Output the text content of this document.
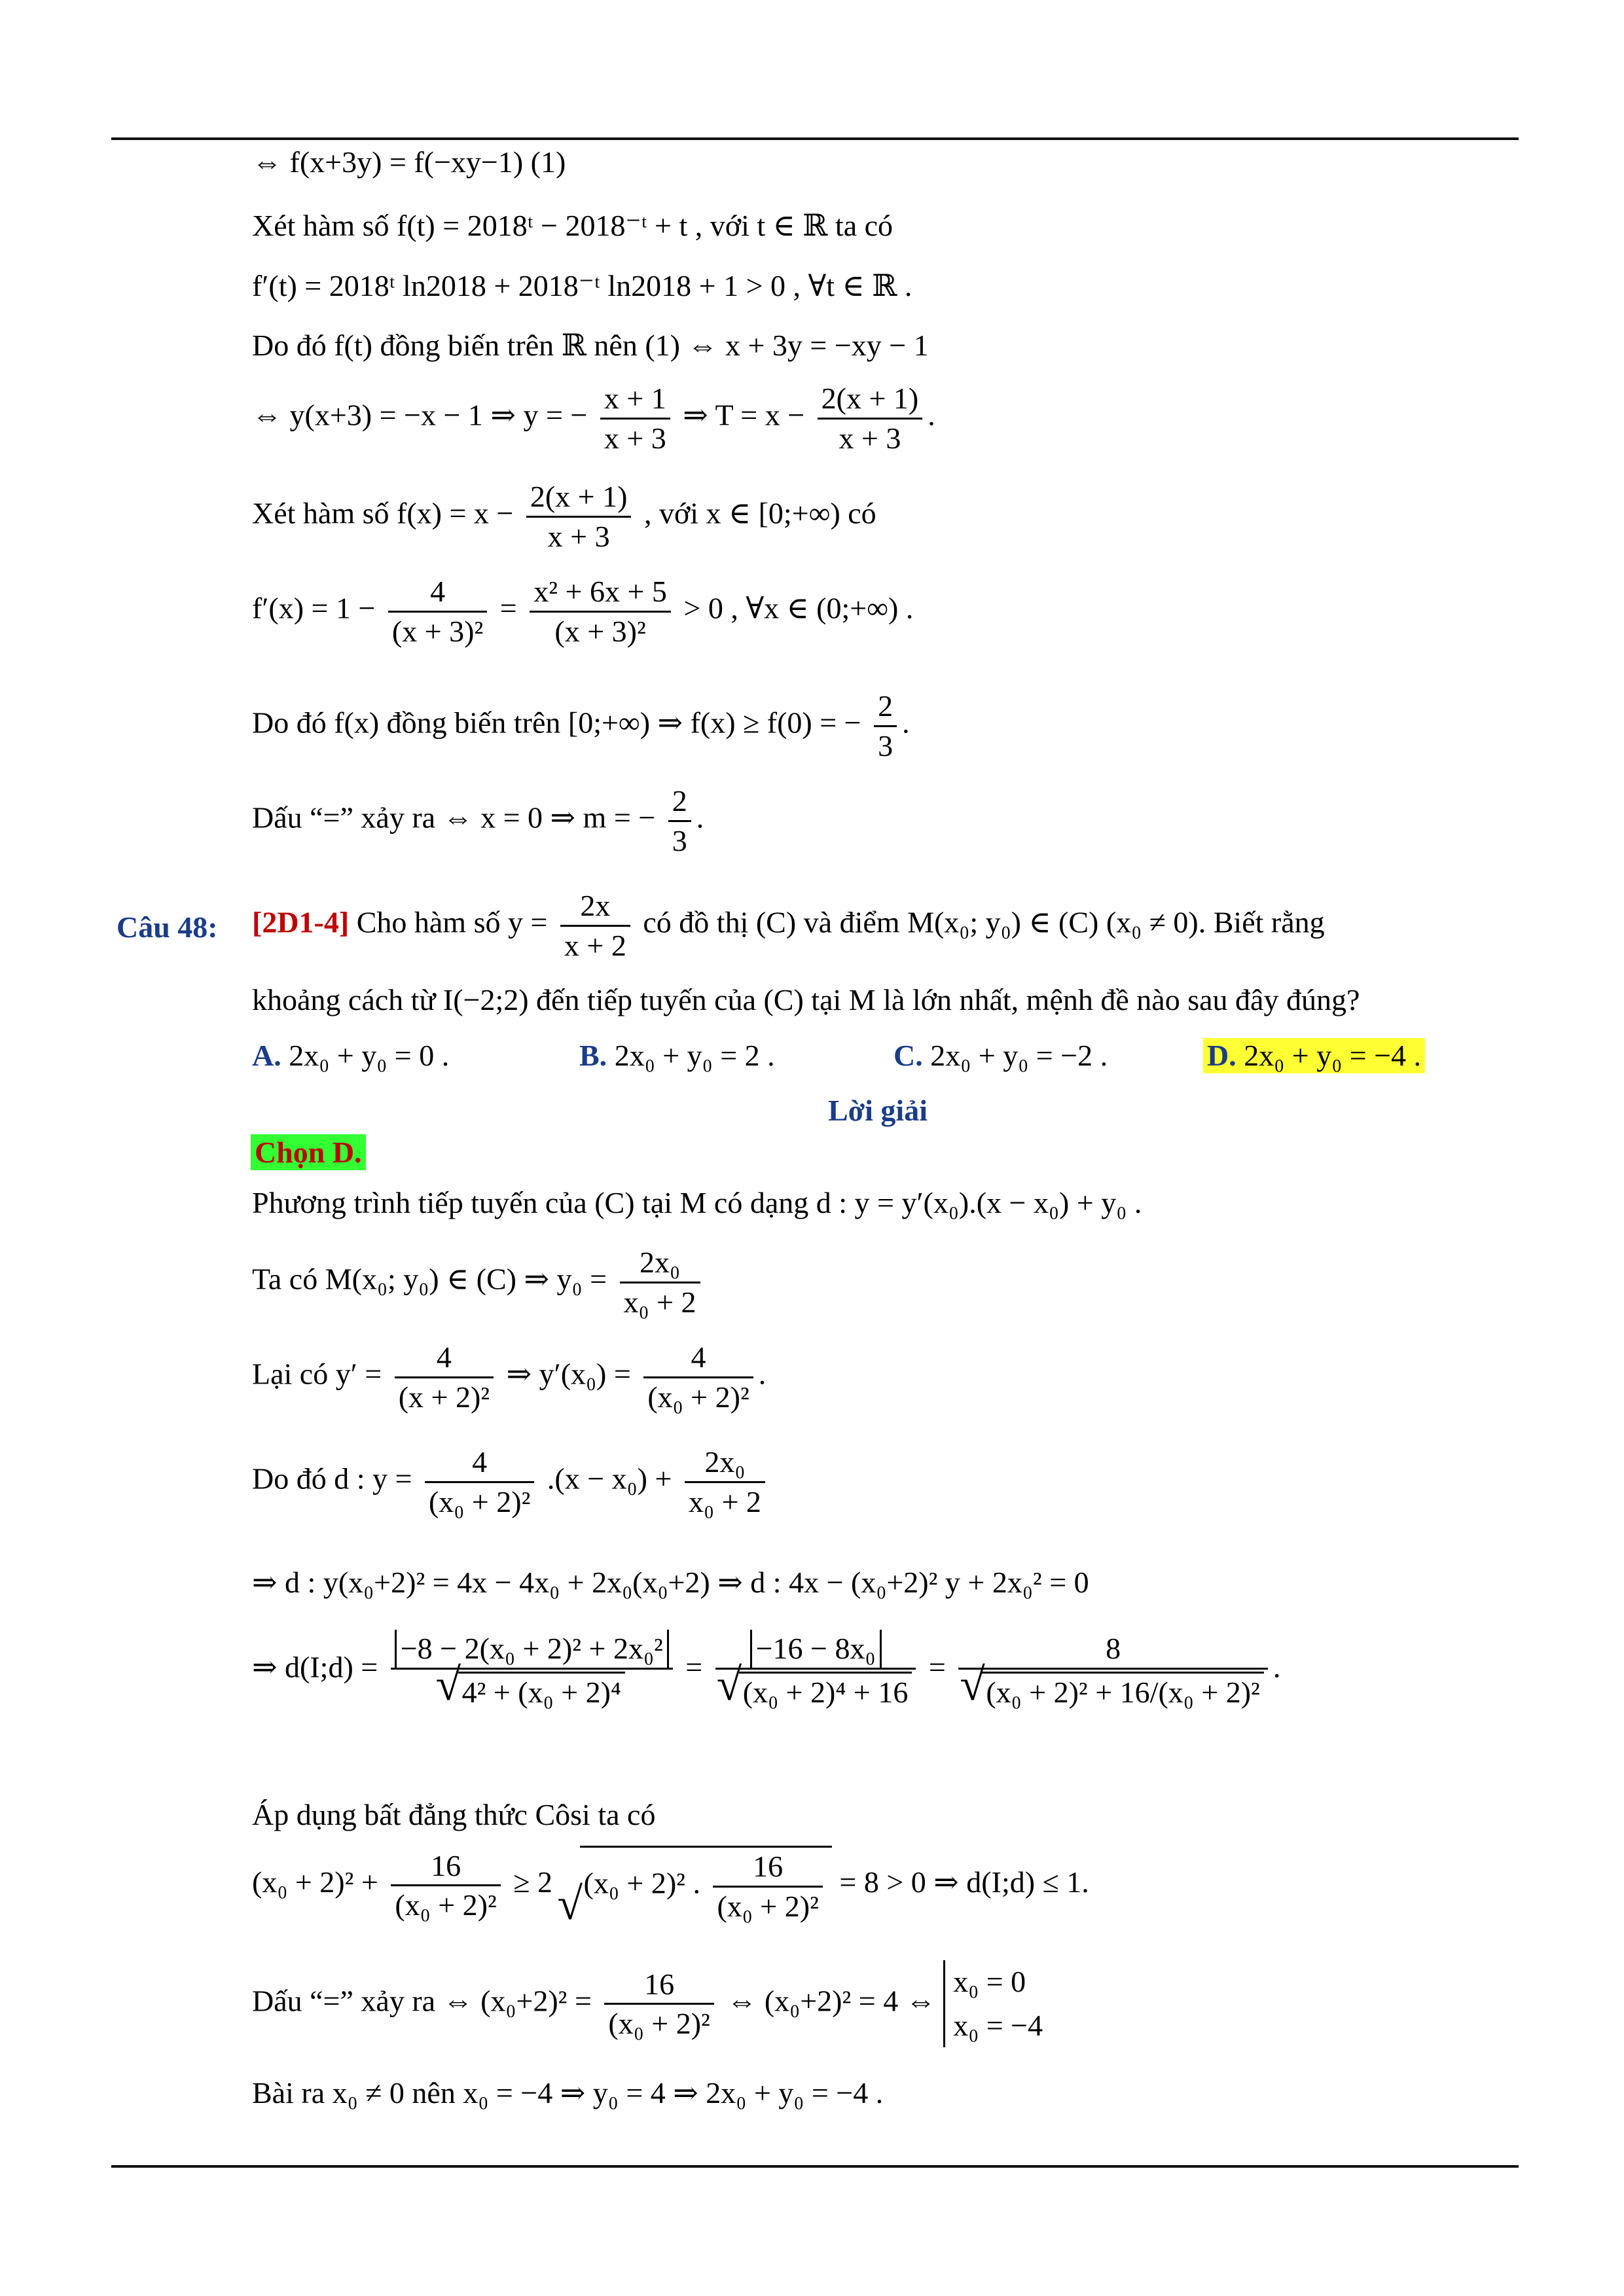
⇔ f(x+3y) = f(−xy−1) (1)
Xét hàm số f(t) = 2018ᵗ − 2018⁻ᵗ + t , với t ∈ ℝ ta có
f′(t) = 2018ᵗ ln2018 + 2018⁻ᵗ ln2018 + 1 > 0 , ∀t ∈ ℝ .
Do đó f(t) đồng biến trên ℝ nên (1) ⇔ x + 3y = −xy − 1
⇔ y(x+3) = −x − 1 ⇒ y = − $\frac{x + 1}{x + 3}$ ⇒ $T = x - \frac{2(x + 1)}{x + 3}$ .
Xét hàm số $f(x) = x - \frac{2(x + 1)}{x + 3}$ , với x ∈ [0;+∞) có
$f'(x) = 1 - \frac{4}{\text{(x + 3)²}} = \frac{\text{x² + 6x + 5}}{\text{(x + 3)²}} > 0$ , ∀x ∈ (0;+∞) .
Do đó f(x) đồng biến trên [0;+∞) ⇒ f(x) ≥ f(0) = − $\frac{2}{3}$ .
Dấu “=” xảy ra ⇔ x = 0 ⇒ m = − $\frac{2}{3}$ .
Câu 48: [2D1-4] Cho hàm số $y = \frac{2x}{x + 2}$ có đồ thị (C) và điểm M(x₀; y₀) ∈ (C) (x₀ ≠ 0). Biết rằng
khoảng cách từ I(−2;2) đến tiếp tuyến của (C) tại M là lớn nhất, mệnh đề nào sau đây đúng?
A. 2x₀ + y₀ = 0 .	B. 2x₀ + y₀ = 2 .	C. 2x₀ + y₀ = −2 .	D. 2x₀ + y₀ = −4 .
Lời giải
Chọn D.
Phương trình tiếp tuyến của (C) tại M có dạng d : y = y′(x₀).(x − x₀) + y₀ .
Ta có M(x₀; y₀) ∈ (C) ⇒ $y_0 = \frac{\text{2x₀}}{\text{x₀ + 2}}$
Lại có $y' = \frac{4}{\text{(x + 2)²}}$ ⇒ $y'(x_0) = \frac{4}{\text{(x₀ + 2)²}}$ .
Do đó d : $y = \frac{4}{\text{(x₀ + 2)²}} .(x - x_0) + \frac{\text{2x₀}}{\text{x₀ + 2}}$
⇒ d : y(x₀+2)² = 4x − 4x₀ + 2x₀(x₀+2) ⇒ d : 4x − (x₀+2)² y + 2x₀² = 0
⇒ d(I;d) = −8 − 2(x₀ + 2)² + 2x₀²
√ 4² + (x₀ + 2)⁴ = −16 − 8x₀
√ (x₀ + 2)⁴ + 16 = 8
√ (x₀ + 2)² + 16/(x₀ + 2)² .
Áp dụng bất đẳng thức Côsi ta có
$(x_0 + 2)^2 + \frac{16}{\text{(x₀ + 2)²}} \ge 2$ √ (x₀ + 2)² . $\frac{16}{\text{(x₀ + 2)²}} = 8 > 0$ ⇒ d(I;d) ≤ 1.
Dấu “=” xảy ra ⇔ $(x_0+2)^2 = \frac{16}{\text{(x₀ + 2)²}}$ ⇔ (x₀+2)² = 4 ⇔ x₀ = 0
x₀ = −4
Bài ra x₀ ≠ 0 nên x₀ = −4 ⇒ y₀ = 4 ⇒ 2x₀ + y₀ = −4 .
